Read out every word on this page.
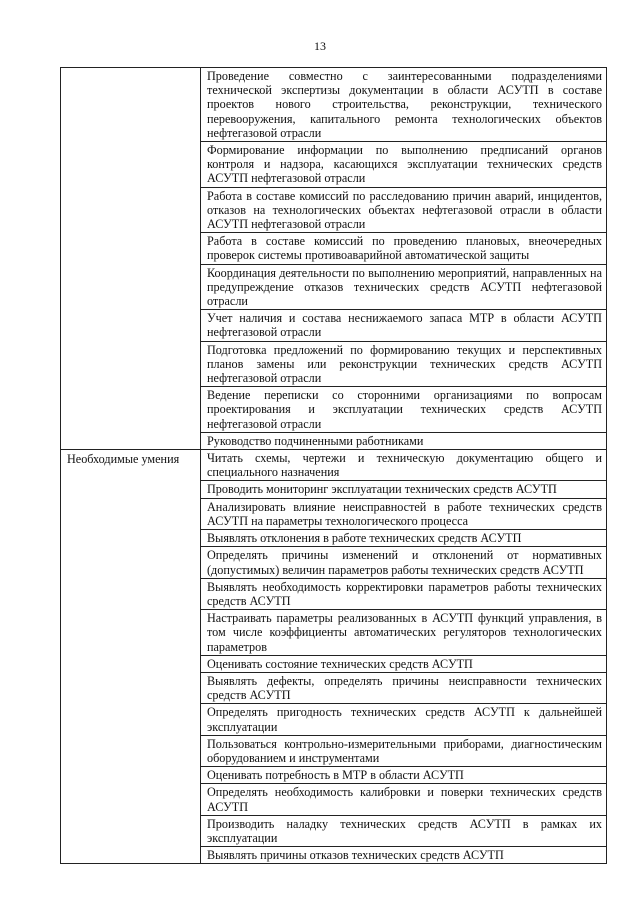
13
	Проведение совместно с заинтересованными подразделениями технической экспертизы документации в области АСУТП в составе проектов нового строительства, реконструкции, технического перевооружения, капитального ремонта технологических объектов нефтегазовой отрасли
	Формирование информации по выполнению предписаний органов контроля и надзора, касающихся эксплуатации технических средств АСУТП нефтегазовой отрасли
	Работа в составе комиссий по расследованию причин аварий, инцидентов, отказов на технологических объектах нефтегазовой отрасли в области АСУТП нефтегазовой отрасли
	Работа в составе комиссий по проведению плановых, внеочередных проверок системы противоаварийной автоматической защиты
	Координация деятельности по выполнению мероприятий, направленных на предупреждение отказов технических средств АСУТП нефтегазовой отрасли
	Учет наличия и состава неснижаемого запаса МТР в области АСУТП нефтегазовой отрасли
	Подготовка предложений по формированию текущих и перспективных планов замены или реконструкции технических средств АСУТП нефтегазовой отрасли
	Ведение переписки со сторонними организациями по вопросам проектирования и эксплуатации технических средств АСУТП нефтегазовой отрасли
	Руководство подчиненными работниками
Необходимые умения	Читать схемы, чертежи и техническую документацию общего и специального назначения
	Проводить мониторинг эксплуатации технических средств АСУТП
	Анализировать влияние неисправностей в работе технических средств АСУТП на параметры технологического процесса
	Выявлять отклонения в работе технических средств АСУТП
	Определять причины изменений и отклонений от нормативных (допустимых) величин параметров работы технических средств АСУТП
	Выявлять необходимость корректировки параметров работы технических средств АСУТП
	Настраивать параметры реализованных в АСУТП функций управления, в том числе коэффициенты автоматических регуляторов технологических параметров
	Оценивать состояние технических средств АСУТП
	Выявлять дефекты, определять причины неисправности технических средств АСУТП
	Определять пригодность технических средств АСУТП к дальнейшей эксплуатации
	Пользоваться контрольно-измерительными приборами, диагностическим оборудованием и инструментами
	Оценивать потребность в МТР в области АСУТП
	Определять необходимость калибровки и поверки технических средств АСУТП
	Производить наладку технических средств АСУТП в рамках их эксплуатации
	Выявлять причины отказов технических средств АСУТП
